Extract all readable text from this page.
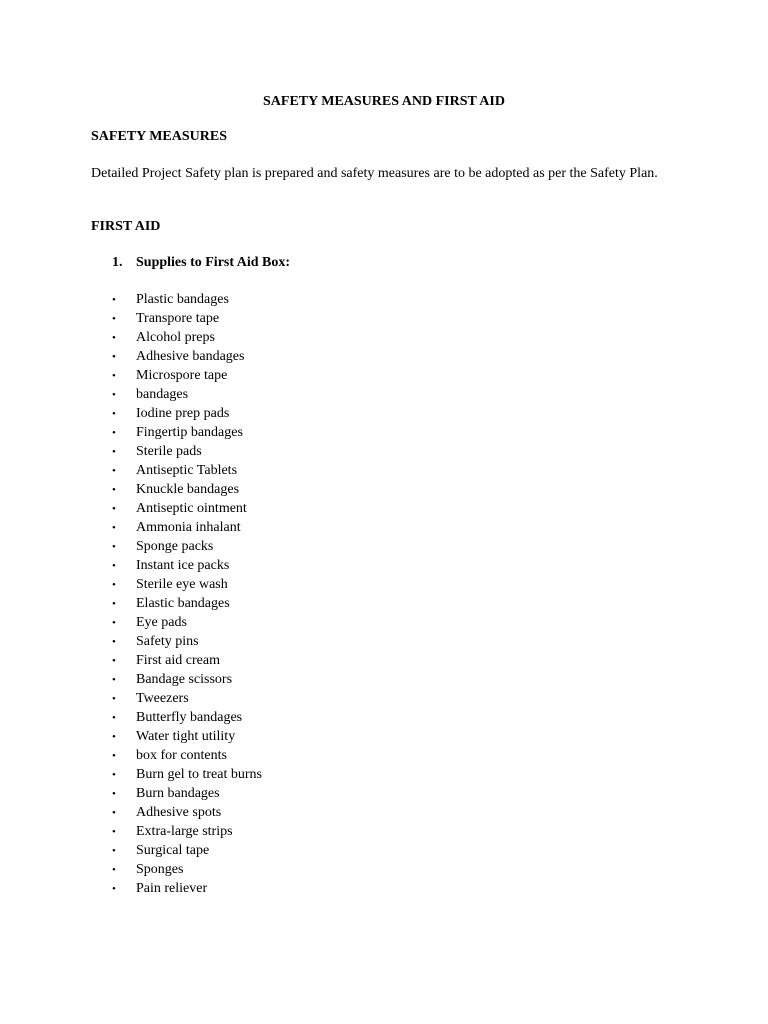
SAFETY MEASURES AND FIRST AID
SAFETY MEASURES

Detailed Project Safety plan is prepared and safety measures are to be adopted as per the Safety Plan.

FIRST AID
1. Supplies to First Aid Box:
• Plastic bandages
• Transpore tape
• Alcohol preps
• Adhesive bandages
• Microspore tape
• bandages
• Iodine prep pads
• Fingertip bandages
• Sterile pads
• Antiseptic Tablets
• Knuckle bandages
• Antiseptic ointment
• Ammonia inhalant
• Sponge packs
• Instant ice packs
• Sterile eye wash
• Elastic bandages
• Eye pads
• Safety pins
• First aid cream
• Bandage scissors
• Tweezers
• Butterfly bandages
• Water tight utility
• box for contents
• Burn gel to treat burns
• Burn bandages
• Adhesive spots
• Extra-large strips
• Surgical tape
• Sponges
• Pain reliever
